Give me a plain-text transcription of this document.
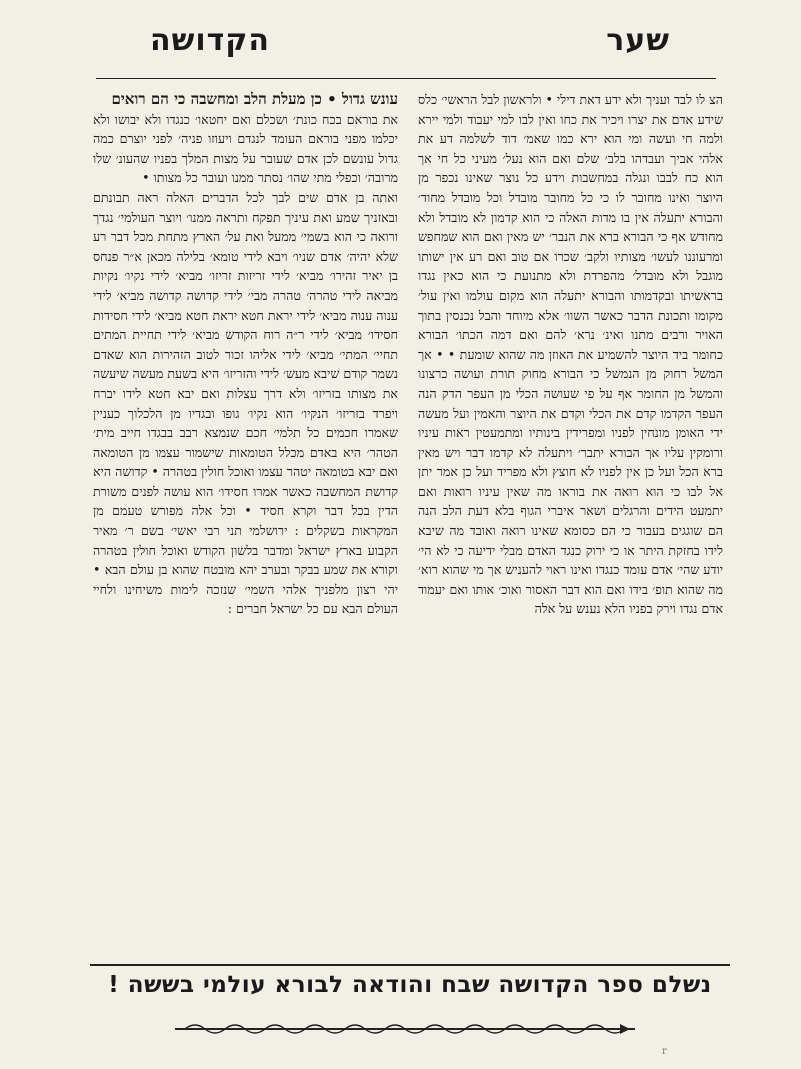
שער
הקדושה

הצ לו לבד ועניך ולא ידע דאת דילי • ולראשון לבל הראשי׳ כלס שידע אדם את יצרו ויכיר את כחו ואין לבו למי יעבוד ולמי יירא ולמה חי ועשה ומי הוא ירא כמו שאמ׳ דוד לשלמה דע את אלהי אביך ועבדהו בלב׳ שלם ואם הוא נעל׳ מעיני כל חי אך הוא כח לבבו ונגלה במחשבות וידע כל נוצר שאינו נכפר מן היוצר ואינו מחובר לו כי כל מחובר מובדל וכל מובדל מחוד׳ והבורא יתעלה אין בו מדות האלה כי הוא קדמון לא מובדל ולא מחודש אף כי הבורא ברא את הנבר׳ יש מאין ואם הוא שמחפש ומרעוננו לעשו׳ מצותיו ולקב׳ שכרו אם טוב ואם רע אין ישותו מוגבל ולא מובדל׳ מהפרדת ולא מתנועת כי הוא כאין נגדו בראשיתו ובקדמותו והבורא יתעלה הוא מקום עולמו ואין עול׳ מקומו ותכונת הדבר כאשר השוו׳ אלא מיוחד והבל נכנסין בתוך האויר ורבים מתנו ואינ׳ נרא׳ להם ואם דמה הכתו׳ הבורא כחומר ביד היוצר להשמיע את האוזן מה שהוא שומעת • • אך המשל רחוק מן הנמשל כי הבורא מחוק תורת ועושה כרצונו והמשל מן החומר אף על פי שעושה הכלי מן העפר הדק הנה העפר הקדמו קדם את הכלי וקדם את היוצר והאמין ועל מעשה ידי האומן מונחין לפניו ומפרידין בינותיו ומתמעטין ראות עיניו ורומקין עליו אך הבורא יתבר׳ ויתעלה לא קדמו דבר ויש מאין ברא הכל ועל כן אין לפניו לא חוצץ ולא מפריד ועל כן אמר יתן אל לבו כי הוא רואה את בוראו מה שאין עיניו רואות ואם יתמעט הידים והרגלים ושאר איברי הגוף בלא דעת הלב הנה הם שוגגים בעבור כי הם כסומא שאינו רואה ואובד מה שיבא לידו בחזקת היתר או כי ירוק כנגד האדם מבלי ידיעה כי לא הי׳ יודע שהי׳ אדם עומד כנגדו ואינו ראוי להעניש אך מי שהוא רוא׳ מה שהוא תופ׳ בידו ואם הוא דבר האסור ואוכ׳ אותו ואם יעמוד אדם נגדו וירק בפניו הלא נענש על אלה

עונש גדול • כן מעלת הלב ומחשבה כי הם רואים

את בוראם בכח כונת׳ ושכלם ואם יחטאו׳ כנגדו ולא יבושו ולא יכלמו מפני בוראם העומד לנגדם ויעוזו פניה׳ לפני יוצרם כמה גדול עונשם לכן אדם שעובר על מצות המלך בפניו שהעונ׳ שלו מרובה׳ וכפלי מתי שהו׳ נסתר ממנו ועובר כל מצותו •

ואתה בן אדם שים לבך לכל הדברים האלה ראה תבונתם ובאזניך שמע ואת עיניך תפקח ותראה ממנו׳ ויוצר העולמי׳ נגדך ורואה כי הוא בשמי׳ ממעל ואת על׳ הארץ מתחת מכל דבר רע שלא יהיה׳ אדם שניו׳ ויבא לידי טומא׳ בלילה מכאן א״ר פנחס בן יאיר זהירו׳ מביא׳ לידי זריזות זריזו׳ מביא׳ לידי נקיו׳ נקיות מביאה לידי טהרה׳ טהרה מבי׳ לידי קדושה קדושה מביא׳ לידי ענוה ענוה מביא׳ לידי יראת חטא יראת חטא מביא׳ לידי חסידות חסידו׳ מביא׳ לידי ר״ה רוח הקודש מביא׳ לידי תחיית המתים תחיי׳ המתי׳ מביא׳ לידי אליהו זכור לטוב הזהירות הוא שאדם נשמר קודם שיבא מעש׳ לידי והזריזו׳ היא בשעת מעשה שיעשה את מצותו בזריזו׳ ולא דרך עצלות ואם יבא חטא לידו יברח ויפרד בזריזו׳ הנקיו׳ הוא נקיו׳ גופו ובגדיו מן הלכלוך כעניין שאמרו חכמים כל תלמי׳ חכם שנמצא רבב בבגדו חייב מית׳ הטהר׳ היא באדם מכלל הטומאות שישמור עצמו מן הטומאה ואם יבא בטומאה יטהר עצמו ואוכל חולין בטהרה • קדושה היא קדושת המחשבה כאשר אמרו חסידו׳ הוא עושה לפנים משורת הדין בכל דבר וקרא חסיד • וכל אלה מפורש טעמם מן המקראות בשקלים : ירושלמי תני רבי יאשי׳ בשם ר׳ מאיר הקבוע בארץ ישראל ומדבר בלשון הקודש ואוכל חולין בטהרה וקורא את שמע בבקר ובערב יהא מובטח שהוא בן עולם הבא • יהי רצון מלפניך אלהי השמי׳ שנזכה לימות משיחינו ולחיי העולם הבא עם כל ישראל חברים :

נשלם ספר הקדושה שבח והודאה לבורא עולמי בששה !
r
